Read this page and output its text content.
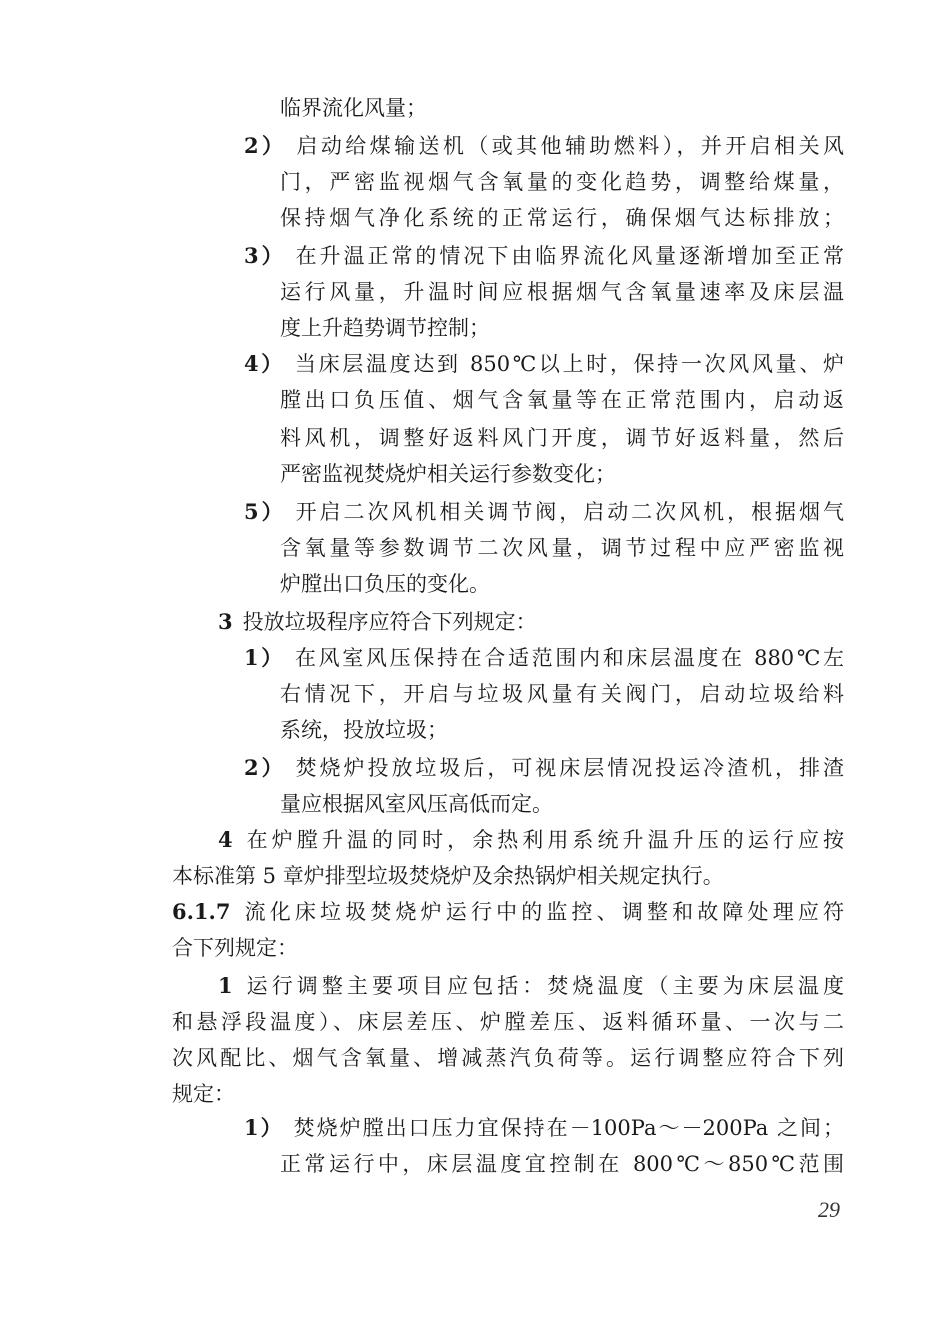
临界流化风量；
2） 启动给煤输送机（或其他辅助燃料），并开启相关风
门，严密监视烟气含氧量的变化趋势，调整给煤量，
保持烟气净化系统的正常运行，确保烟气达标排放；
3） 在升温正常的情况下由临界流化风量逐渐增加至正常
运行风量，升温时间应根据烟气含氧量速率及床层温
度上升趋势调节控制；
4） 当床层温度达到 850℃以上时，保持一次风风量、炉
膛出口负压值、烟气含氧量等在正常范围内，启动返
料风机，调整好返料风门开度，调节好返料量，然后
严密监视焚烧炉相关运行参数变化；
5） 开启二次风机相关调节阀，启动二次风机，根据烟气
含氧量等参数调节二次风量，调节过程中应严密监视
炉膛出口负压的变化。
3 投放垃圾程序应符合下列规定：
1） 在风室风压保持在合适范围内和床层温度在 880℃左
右情况下，开启与垃圾风量有关阀门，启动垃圾给料
系统，投放垃圾；
2） 焚烧炉投放垃圾后，可视床层情况投运冷渣机，排渣
量应根据风室风压高低而定。
4 在炉膛升温的同时，余热利用系统升温升压的运行应按
本标准第 5 章炉排型垃圾焚烧炉及余热锅炉相关规定执行。
6.1.7 流化床垃圾焚烧炉运行中的监控、调整和故障处理应符
合下列规定：
1 运行调整主要项目应包括：焚烧温度（主要为床层温度
和悬浮段温度）、床层差压、炉膛差压、返料循环量、一次与二
次风配比、烟气含氧量、增减蒸汽负荷等。运行调整应符合下列
规定：
1） 焚烧炉膛出口压力宜保持在－100Pa～－200Pa 之间；
正常运行中，床层温度宜控制在 800℃～850℃范围
29
